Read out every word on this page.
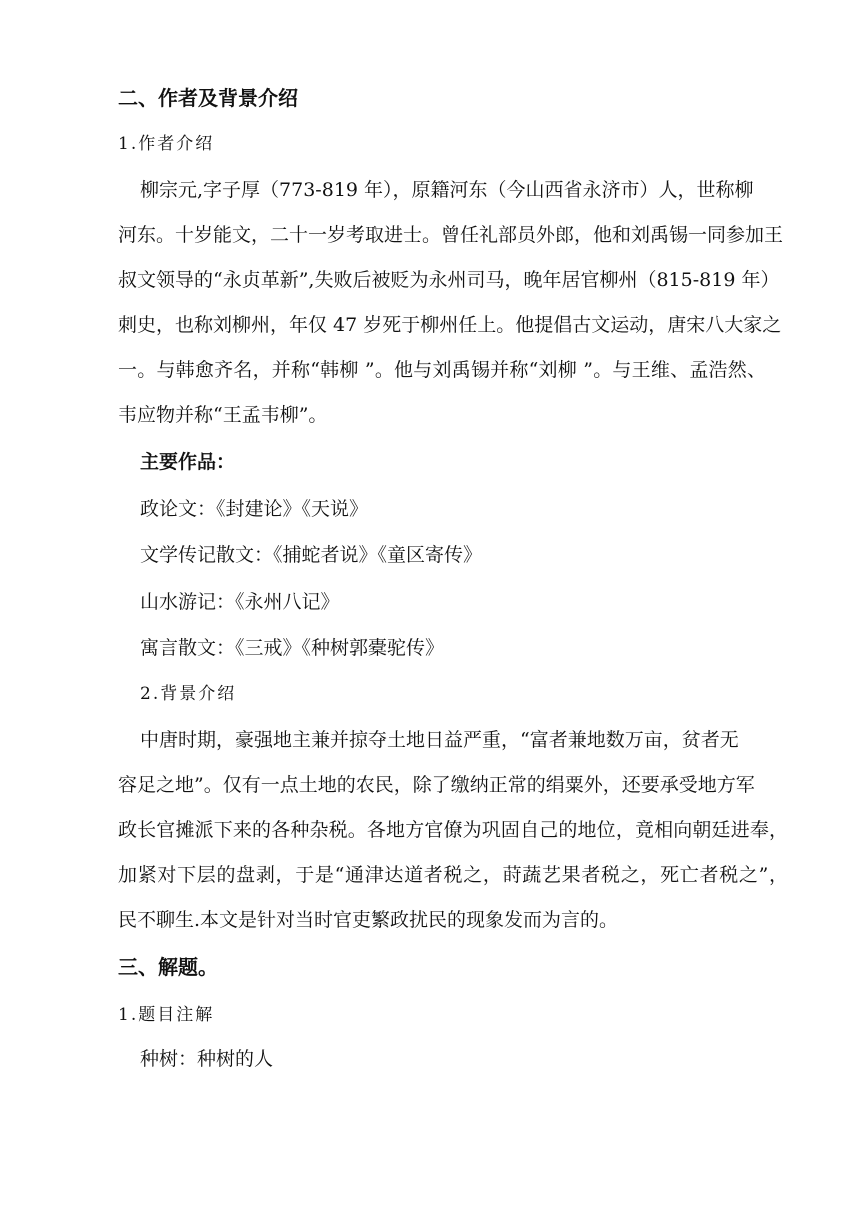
二、作者及背景介绍
1.作者介绍
柳宗元,字子厚（773-819 年），原籍河东（今山西省永济市）人，世称柳
河东。十岁能文，二十一岁考取进士。曾任礼部员外郎，他和刘禹锡一同参加王
叔文领导的“永贞革新”,失败后被贬为永州司马，晚年居官柳州（815-819 年）
刺史，也称刘柳州，年仅 47 岁死于柳州任上。他提倡古文运动，唐宋八大家之
一。与韩愈齐名，并称“韩柳 ”。他与刘禹锡并称“刘柳 ”。与王维、孟浩然、
韦应物并称“王孟韦柳”。
主要作品：
政论文：《封建论》《天说》
文学传记散文：《捕蛇者说》《童区寄传》
山水游记：《永州八记》
寓言散文：《三戒》《种树郭橐驼传》
2.背景介绍
中唐时期，豪强地主兼并掠夺土地日益严重，“富者兼地数万亩，贫者无
容足之地”。仅有一点土地的农民，除了缴纳正常的绢粟外，还要承受地方军
政长官摊派下来的各种杂税。各地方官僚为巩固自己的地位，竟相向朝廷进奉，
加紧对下层的盘剥，于是“通津达道者税之，莳蔬艺果者税之，死亡者税之”，
民不聊生.本文是针对当时官吏繁政扰民的现象发而为言的。
三、解题。
1.题目注解
种树：种树的人
